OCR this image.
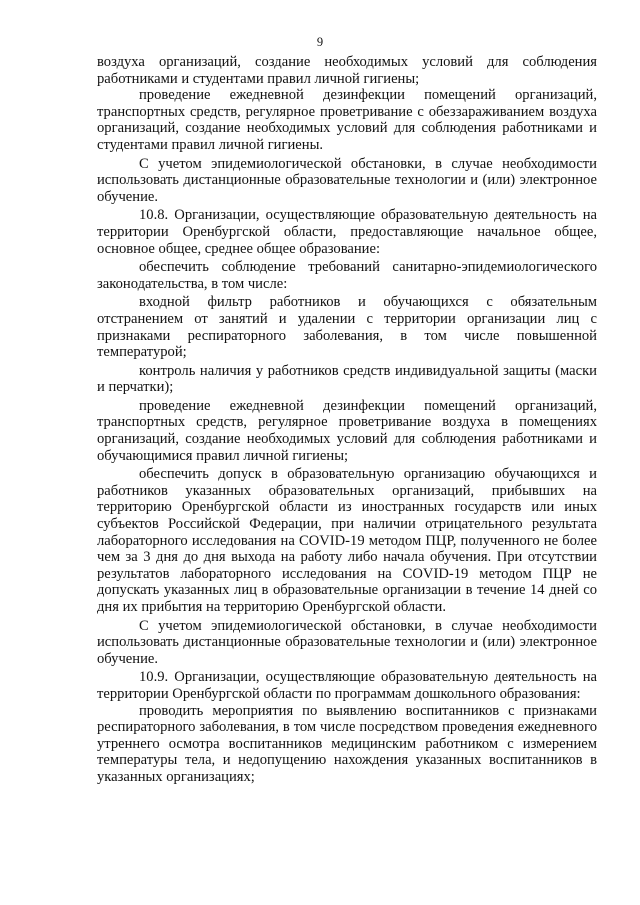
9

воздуха организаций, создание необходимых условий для соблюдения работниками и студентами правил личной гигиены;

проведение ежедневной дезинфекции помещений организаций, транспортных средств, регулярное проветривание с обеззараживанием воздуха организаций, создание необходимых условий для соблюдения работниками и студентами правил личной гигиены.

С учетом эпидемиологической обстановки, в случае необходимости использовать дистанционные образовательные технологии и (или) электронное обучение.

10.8. Организации, осуществляющие образовательную деятельность на территории Оренбургской области, предоставляющие начальное общее, основное общее, среднее общее образование:

обеспечить соблюдение требований санитарно-эпидемиологического законодательства, в том числе:

входной фильтр работников и обучающихся с обязательным отстранением от занятий и удалении с территории организации лиц с признаками респираторного заболевания, в том числе повышенной температурой;

контроль наличия у работников средств индивидуальной защиты (маски и перчатки);

проведение ежедневной дезинфекции помещений организаций, транспортных средств, регулярное проветривание воздуха в помещениях организаций, создание необходимых условий для соблюдения работниками и обучающимися правил личной гигиены;

обеспечить допуск в образовательную организацию обучающихся и работников указанных образовательных организаций, прибывших на территорию Оренбургской области из иностранных государств или иных субъектов Российской Федерации, при наличии отрицательного результата лабораторного исследования на COVID-19 методом ПЦР, полученного не более чем за 3 дня до дня выхода на работу либо начала обучения. При отсутствии результатов лабораторного исследования на COVID-19 методом ПЦР не допускать указанных лиц в образовательные организации в течение 14 дней со дня их прибытия на территорию Оренбургской области.

С учетом эпидемиологической обстановки, в случае необходимости использовать дистанционные образовательные технологии и (или) электронное обучение.

10.9. Организации, осуществляющие образовательную деятельность на территории Оренбургской области по программам дошкольного образования:

проводить мероприятия по выявлению воспитанников с признаками респираторного заболевания, в том числе посредством проведения ежедневного утреннего осмотра воспитанников медицинским работником с измерением температуры тела, и недопущению нахождения указанных воспитанников в указанных организациях;
